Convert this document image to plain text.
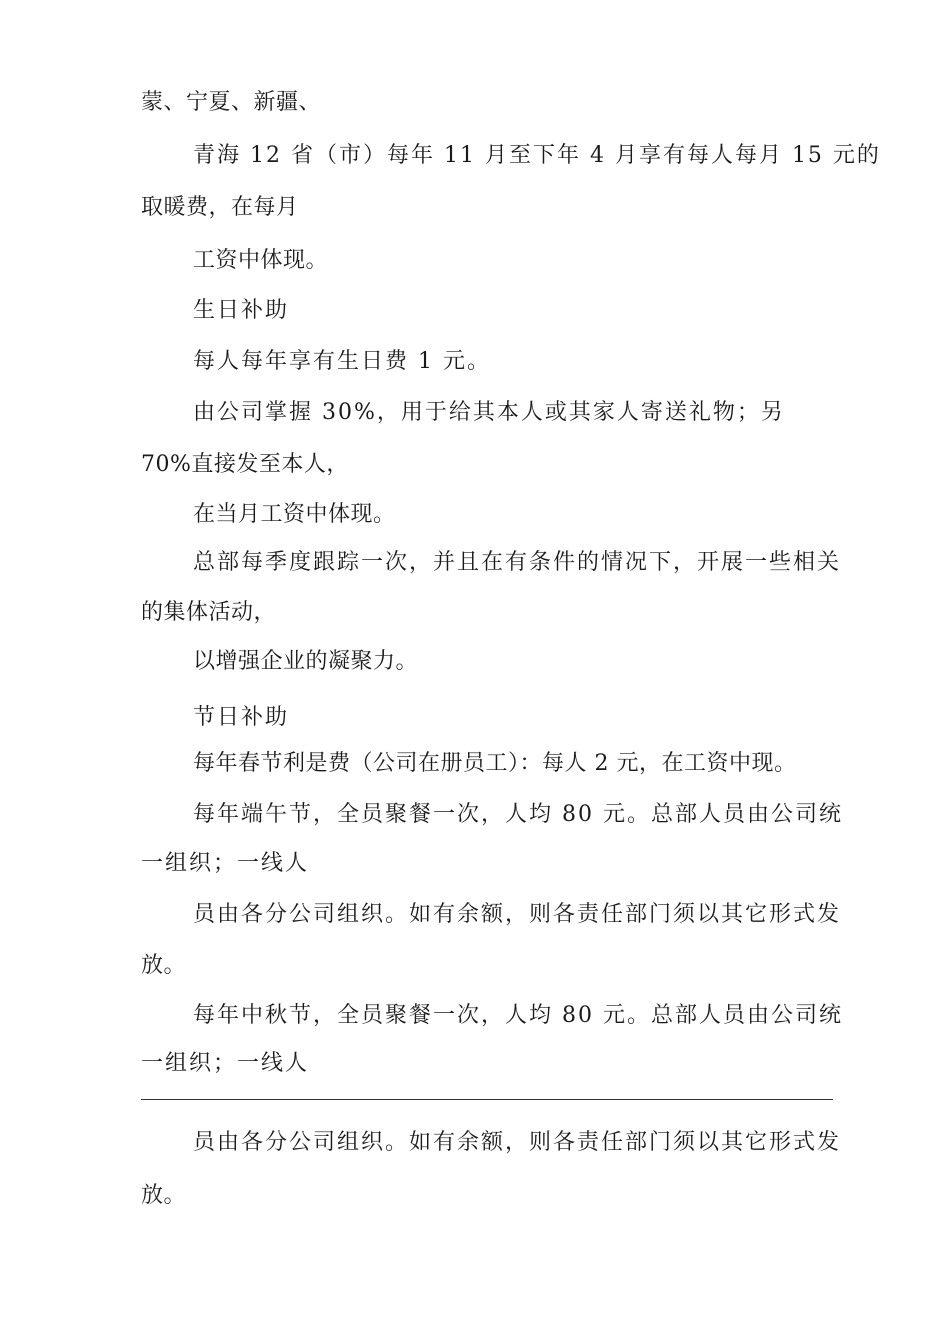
蒙、宁夏、新疆、
青海 12 省（市）每年 11 月至下年 4 月享有每人每月 15 元的
取暖费，在每月
工资中体现。
生日补助
每人每年享有生日费 1 元。
由公司掌握 30%，用于给其本人或其家人寄送礼物；另
70%直接发至本人，
在当月工资中体现。
总部每季度跟踪一次，并且在有条件的情况下，开展一些相关
的集体活动，
以增强企业的凝聚力。
节日补助
每年春节利是费（公司在册员工）：每人 2 元，在工资中现。
每年端午节，全员聚餐一次，人均 80 元。总部人员由公司统
一组织；一线人
员由各分公司组织。如有余额，则各责任部门须以其它形式发
放。
每年中秋节，全员聚餐一次，人均 80 元。总部人员由公司统
一组织；一线人
员由各分公司组织。如有余额，则各责任部门须以其它形式发
放。
